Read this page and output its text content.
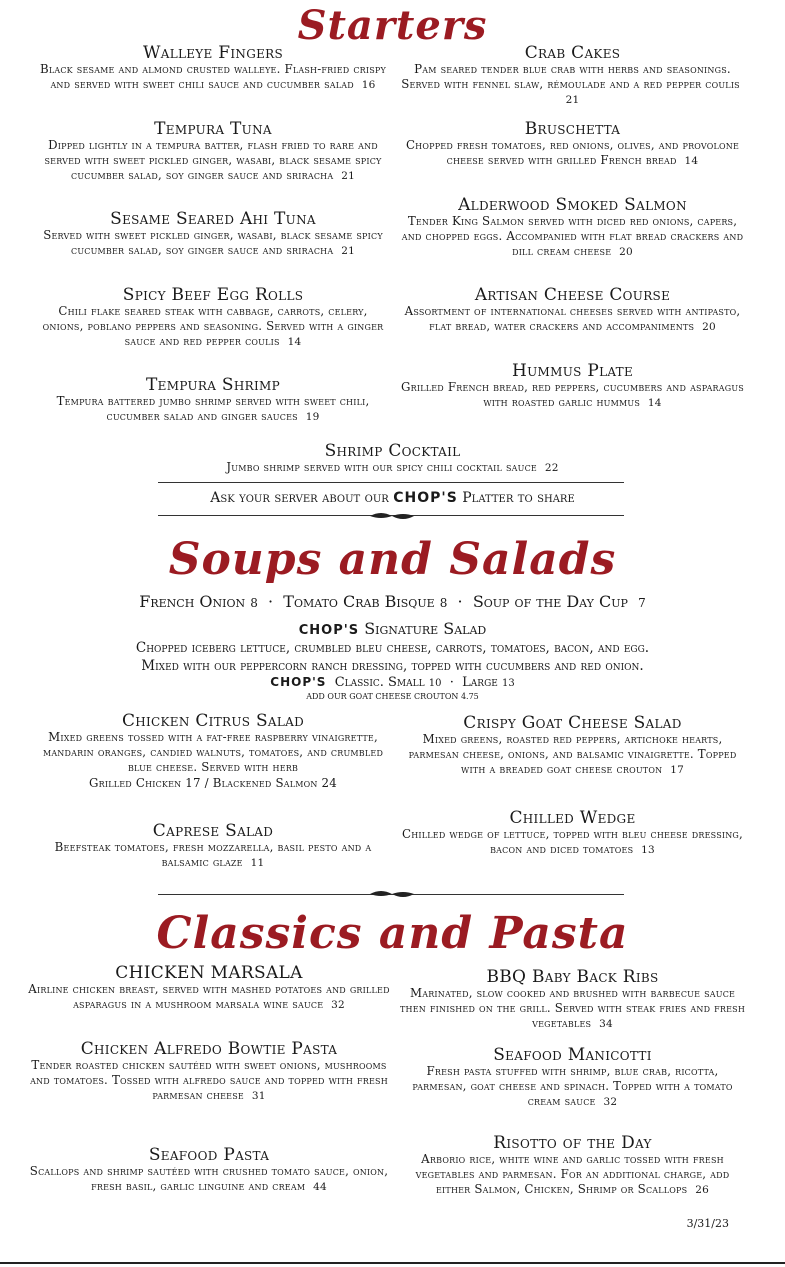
Starters
Walleye Fingers
Black sesame and almond crusted walleye. Flash-fried crispy and served with sweet chili sauce and cucumber salad 16
Tempura Tuna
Dipped lightly in a tempura batter, flash fried to rare and served with sweet pickled ginger, wasabi, black sesame spicy cucumber salad, soy ginger sauce and sriracha 21
Sesame Seared Ahi Tuna
Served with sweet pickled ginger, wasabi, black sesame spicy cucumber salad, soy ginger sauce and sriracha 21
Spicy Beef Egg Rolls
Chili flake seared steak with cabbage, carrots, celery, onions, poblano peppers and seasoning. Served with a ginger sauce and red pepper coulis 14
Tempura Shrimp
Tempura battered jumbo shrimp served with sweet chili, cucumber salad and ginger sauces 19
Crab Cakes
Pam seared tender blue crab with herbs and seasonings. Served with fennel slaw, rémoulade and a red pepper coulis  21
Bruschetta
Chopped fresh tomatoes, red onions, olives, and provolone cheese served with grilled French bread 14
Alderwood Smoked Salmon
Tender King Salmon served with diced red onions, capers, and chopped eggs. Accompanied with flat bread crackers and dill cream cheese 20
Artisan Cheese Course
Assortment of international cheeses served with antipasto, flat bread, water crackers and accompaniments 20
Hummus Plate
Grilled French bread, red peppers, cucumbers and asparagus with roasted garlic hummus 14
Shrimp Cocktail
Jumbo shrimp served with our spicy chili cocktail sauce 22
Ask your server about our CHOP'S Platter to share
Soups and Salads
French Onion 8  ·  Tomato Crab Bisque 8  ·  Soup of the Day Cup 7
CHOP'S Signature Salad
Chopped iceberg lettuce, crumbled bleu cheese, carrots, tomatoes, bacon, and egg.
Mixed with our peppercorn ranch dressing, topped with cucumbers and red onion.
CHOP'S Classic. Small 10  ·  Large 13
ADD OUR GOAT CHEESE CROUTON 4.75
Chicken Citrus Salad
Mixed greens tossed with a fat-free raspberry vinaigrette, mandarin oranges, candied walnuts, tomatoes, and crumbled blue cheese. Served with herb
Grilled Chicken 17 / Blackened Salmon 24
Caprese Salad
Beefsteak tomatoes, fresh mozzarella, basil pesto and a balsamic glaze 11
Crispy Goat Cheese Salad
Mixed greens, roasted red peppers, artichoke hearts, parmesan cheese, onions, and balsamic vinaigrette. Topped with a breaded goat cheese crouton 17
Chilled Wedge
Chilled wedge of lettuce, topped with bleu cheese dressing, bacon and diced tomatoes 13
Classics and Pasta
CHICKEN MARSALA
Airline chicken breast, served with mashed potatoes and grilled asparagus in a mushroom marsala wine sauce 32
Chicken Alfredo Bowtie Pasta
Tender roasted chicken sautéed with sweet onions, mushrooms and tomatoes. Tossed with alfredo sauce and topped with fresh parmesan cheese 31
Seafood Pasta
Scallops and shrimp sautéed with crushed tomato sauce, onion, fresh basil, garlic linguine and cream 44
BBQ Baby Back Ribs
Marinated, slow cooked and brushed with barbecue sauce then finished on the grill. Served with steak fries and fresh vegetables 34
Seafood Manicotti
Fresh pasta stuffed with shrimp, blue crab, ricotta, parmesan, goat cheese and spinach. Topped with a tomato cream sauce 32
Risotto of the Day
Arborio rice, white wine and garlic tossed with fresh vegetables and parmesan. For an additional charge, add either Salmon, Chicken, Shrimp or Scallops 26
3/31/23
